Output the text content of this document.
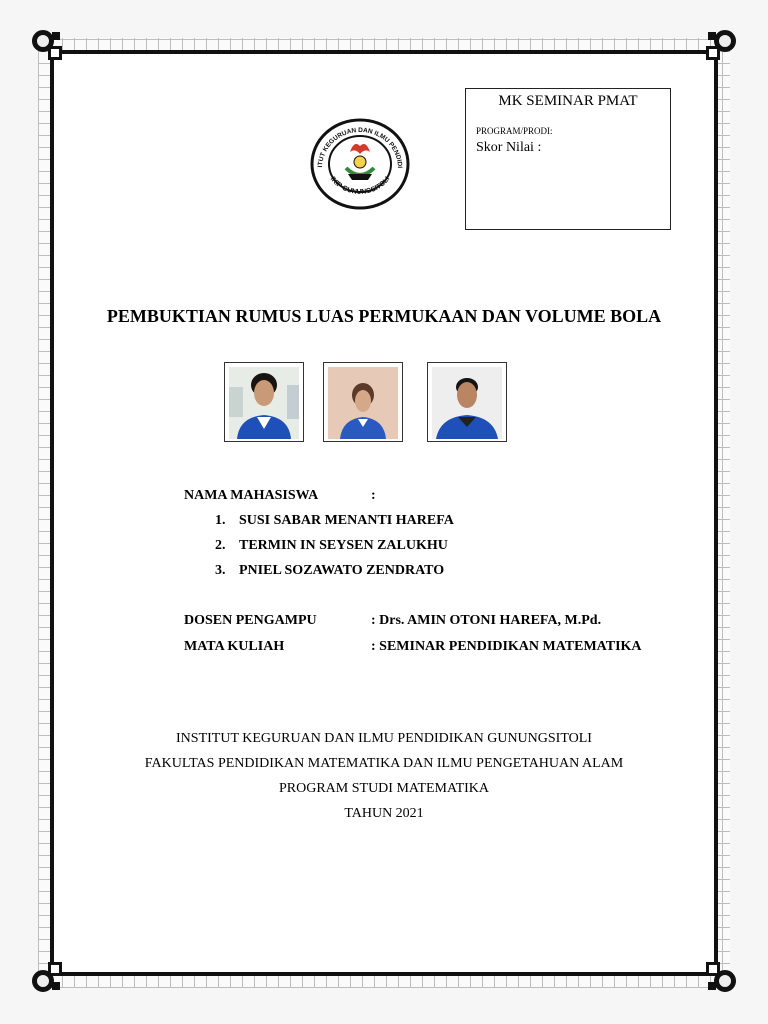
ITUT KEGURUAN DAN ILMU PENDIDI
IKIP GUNUNGSITOLI
MK SEMINAR PMAT
PROGRAM/PRODI:
Skor Nilai :
PEMBUKTIAN RUMUS LUAS PERMUKAAN DAN VOLUME BOLA
NAMA MAHASISWA	:
1. SUSI SABAR MENANTI HAREFA
2. TERMIN IN SEYSEN ZALUKHU
3. PNIEL SOZAWATO ZENDRATO
DOSEN PENGAMPU	: Drs. AMIN OTONI HAREFA, M.Pd.
MATA KULIAH	: SEMINAR PENDIDIKAN MATEMATIKA
INSTITUT KEGURUAN DAN ILMU PENDIDIKAN GUNUNGSITOLI
FAKULTAS PENDIDIKAN MATEMATIKA DAN ILMU PENGETAHUAN ALAM
PROGRAM STUDI MATEMATIKA
TAHUN 2021
